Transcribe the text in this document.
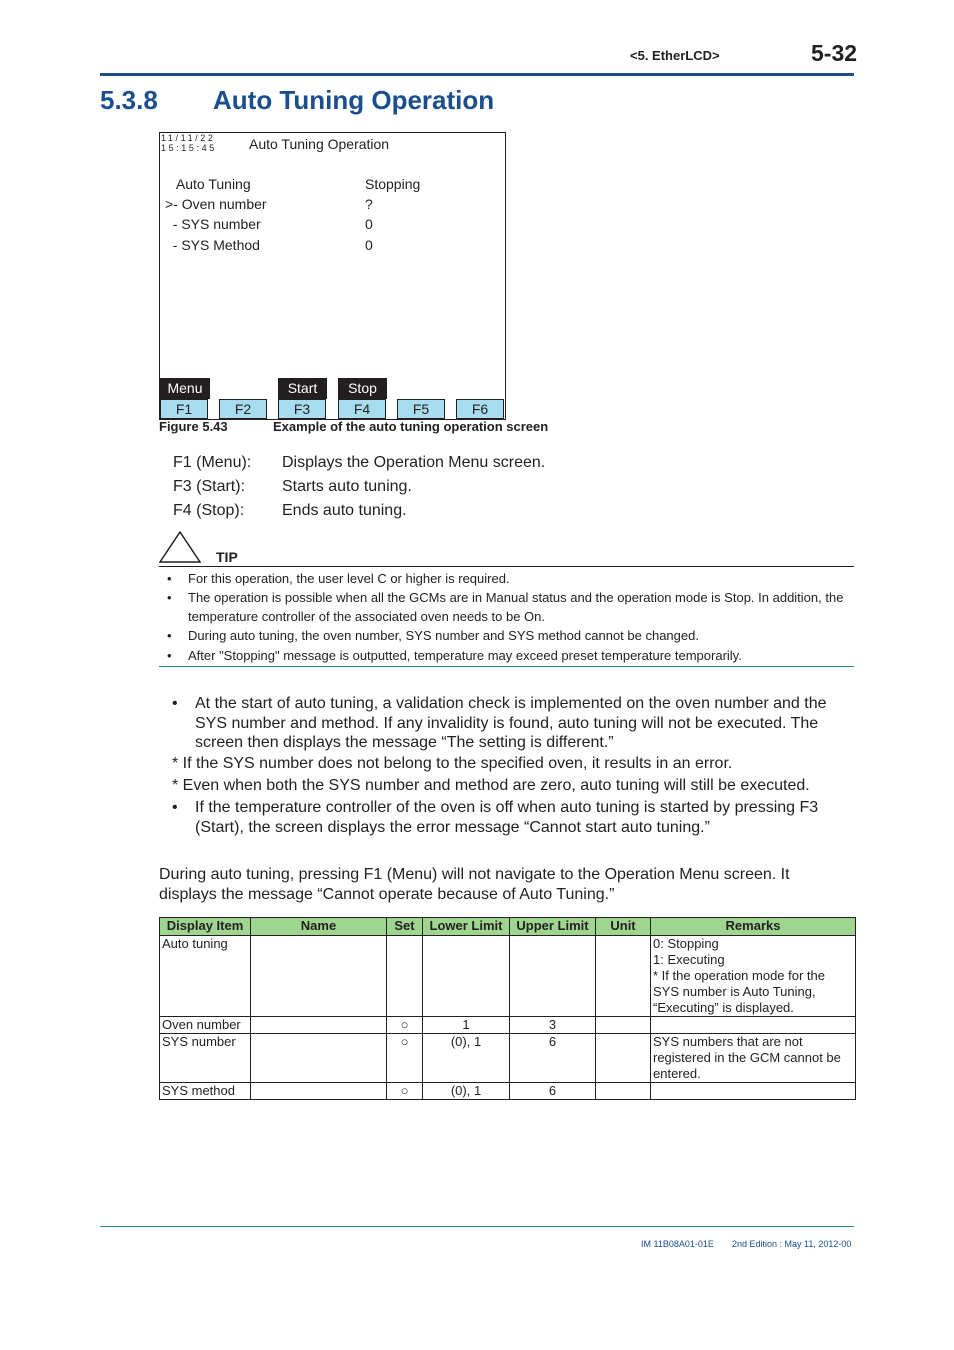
<5. EtherLCD>	5-32
5.3.8 Auto Tuning Operation
11/11/22
15:15:45 Auto Tuning Operation
Auto Tuning	Stopping
>- Oven number	?
- SYS number	0
- SYS Method	0
Menu	Start	Stop
F1	F2	F3	F4	F5	F6
Figure 5.43	Example of the auto tuning operation screen
F1 (Menu): Displays the Operation Menu screen.
F3 (Start): Starts auto tuning.
F4 (Stop): Ends auto tuning.
TIP
• For this operation, the user level C or higher is required.
• The operation is possible when all the GCMs are in Manual status and the operation mode is Stop. In addition, the temperature controller of the associated oven needs to be On.
• During auto tuning, the oven number, SYS number and SYS method cannot be changed.
• After "Stopping" message is outputted, temperature may exceed preset temperature temporarily.
• At the start of auto tuning, a validation check is implemented on the oven number and the SYS number and method. If any invalidity is found, auto tuning will not be executed. The screen then displays the message “The setting is different.”
* If the SYS number does not belong to the specified oven, it results in an error.
* Even when both the SYS number and method are zero, auto tuning will still be executed.
• If the temperature controller of the oven is off when auto tuning is started by pressing F3 (Start), the screen displays the error message “Cannot start auto tuning.”
During auto tuning, pressing F1 (Menu) will not navigate to the Operation Menu screen. It displays the message “Cannot operate because of Auto Tuning.”
Display Item	Name	Set	Lower Limit	Upper Limit	Unit	Remarks
Auto tuning						0: Stopping
1: Executing
* If the operation mode for the SYS number is Auto Tuning, “Executing” is displayed.

Oven number		○	1	3		
SYS number		○	(0), 1	6		SYS numbers that are not registered in the GCM cannot be entered.

SYS method		○	(0), 1	6		
IM 11B08A01-01E 2nd Edition : May 11, 2012-00
